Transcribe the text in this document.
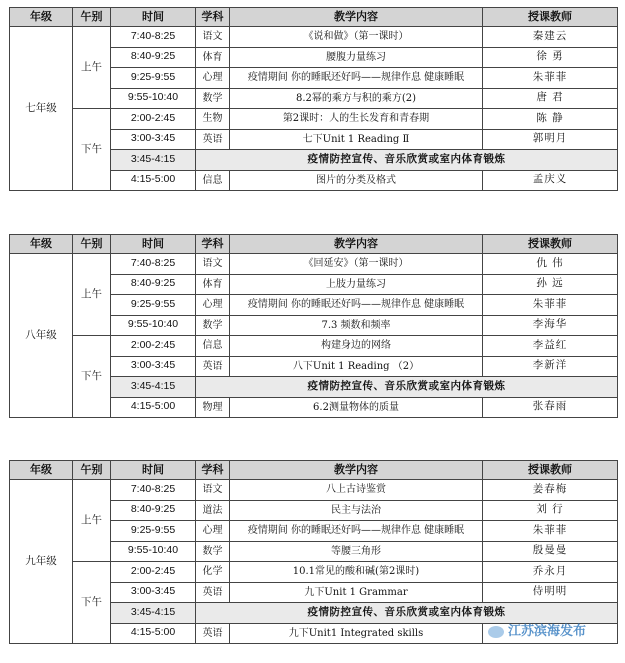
年级	午别	时间	学科	教学内容	授课教师
七年级	上午	7:40-8:25	语文	《说和做》（第一课时）	秦建云
		8:40-9:25	体育	腰腹力量练习	徐 勇
		9:25-9:55	心理	疫情期间 你的睡眠还好吗——规律作息 健康睡眠	朱菲菲
		9:55-10:40	数学	8.2幂的乘方与积的乘方(2)	唐 君
	下午	2:00-2:45	生物	第2课时：人的生长发育和青春期	陈 静
		3:00-3:45	英语	七下Unit 1 Reading Ⅱ	郭明月
		3:45-4:15	疫情防控宣传、音乐欣赏或室内体育锻炼		
		4:15-5:00	信息	图片的分类及格式	孟庆义
年级	午别	时间	学科	教学内容	授课教师
八年级	上午	7:40-8:25	语文	《回延安》（第一课时）	仇 伟
		8:40-9:25	体育	上肢力量练习	孙 远
		9:25-9:55	心理	疫情期间 你的睡眠还好吗——规律作息 健康睡眠	朱菲菲
		9:55-10:40	数学	7.3 频数和频率	李海华
	下午	2:00-2:45	信息	构建身边的网络	李益红
		3:00-3:45	英语	八下Unit 1 Reading （2）	李新洋
		3:45-4:15	疫情防控宣传、音乐欣赏或室内体育锻炼		
		4:15-5:00	物理	6.2测量物体的质量	张春雨
年级	午别	时间	学科	教学内容	授课教师
九年级	上午	7:40-8:25	语文	八上古诗鉴赏	姜春梅
		8:40-9:25	道法	民主与法治	刘 行
		9:25-9:55	心理	疫情期间 你的睡眠还好吗——规律作息 健康睡眠	朱菲菲
		9:55-10:40	数学	等腰三角形	殷曼曼
	下午	2:00-2:45	化学	10.1常见的酸和碱(第2课时)	乔永月
		3:00-3:45	英语	九下Unit 1 Grammar	侍明明
		3:45-4:15	疫情防控宣传、音乐欣赏或室内体育锻炼		
		4:15-5:00	英语	九下Unit1 Integrated skills		江苏滨海发布
